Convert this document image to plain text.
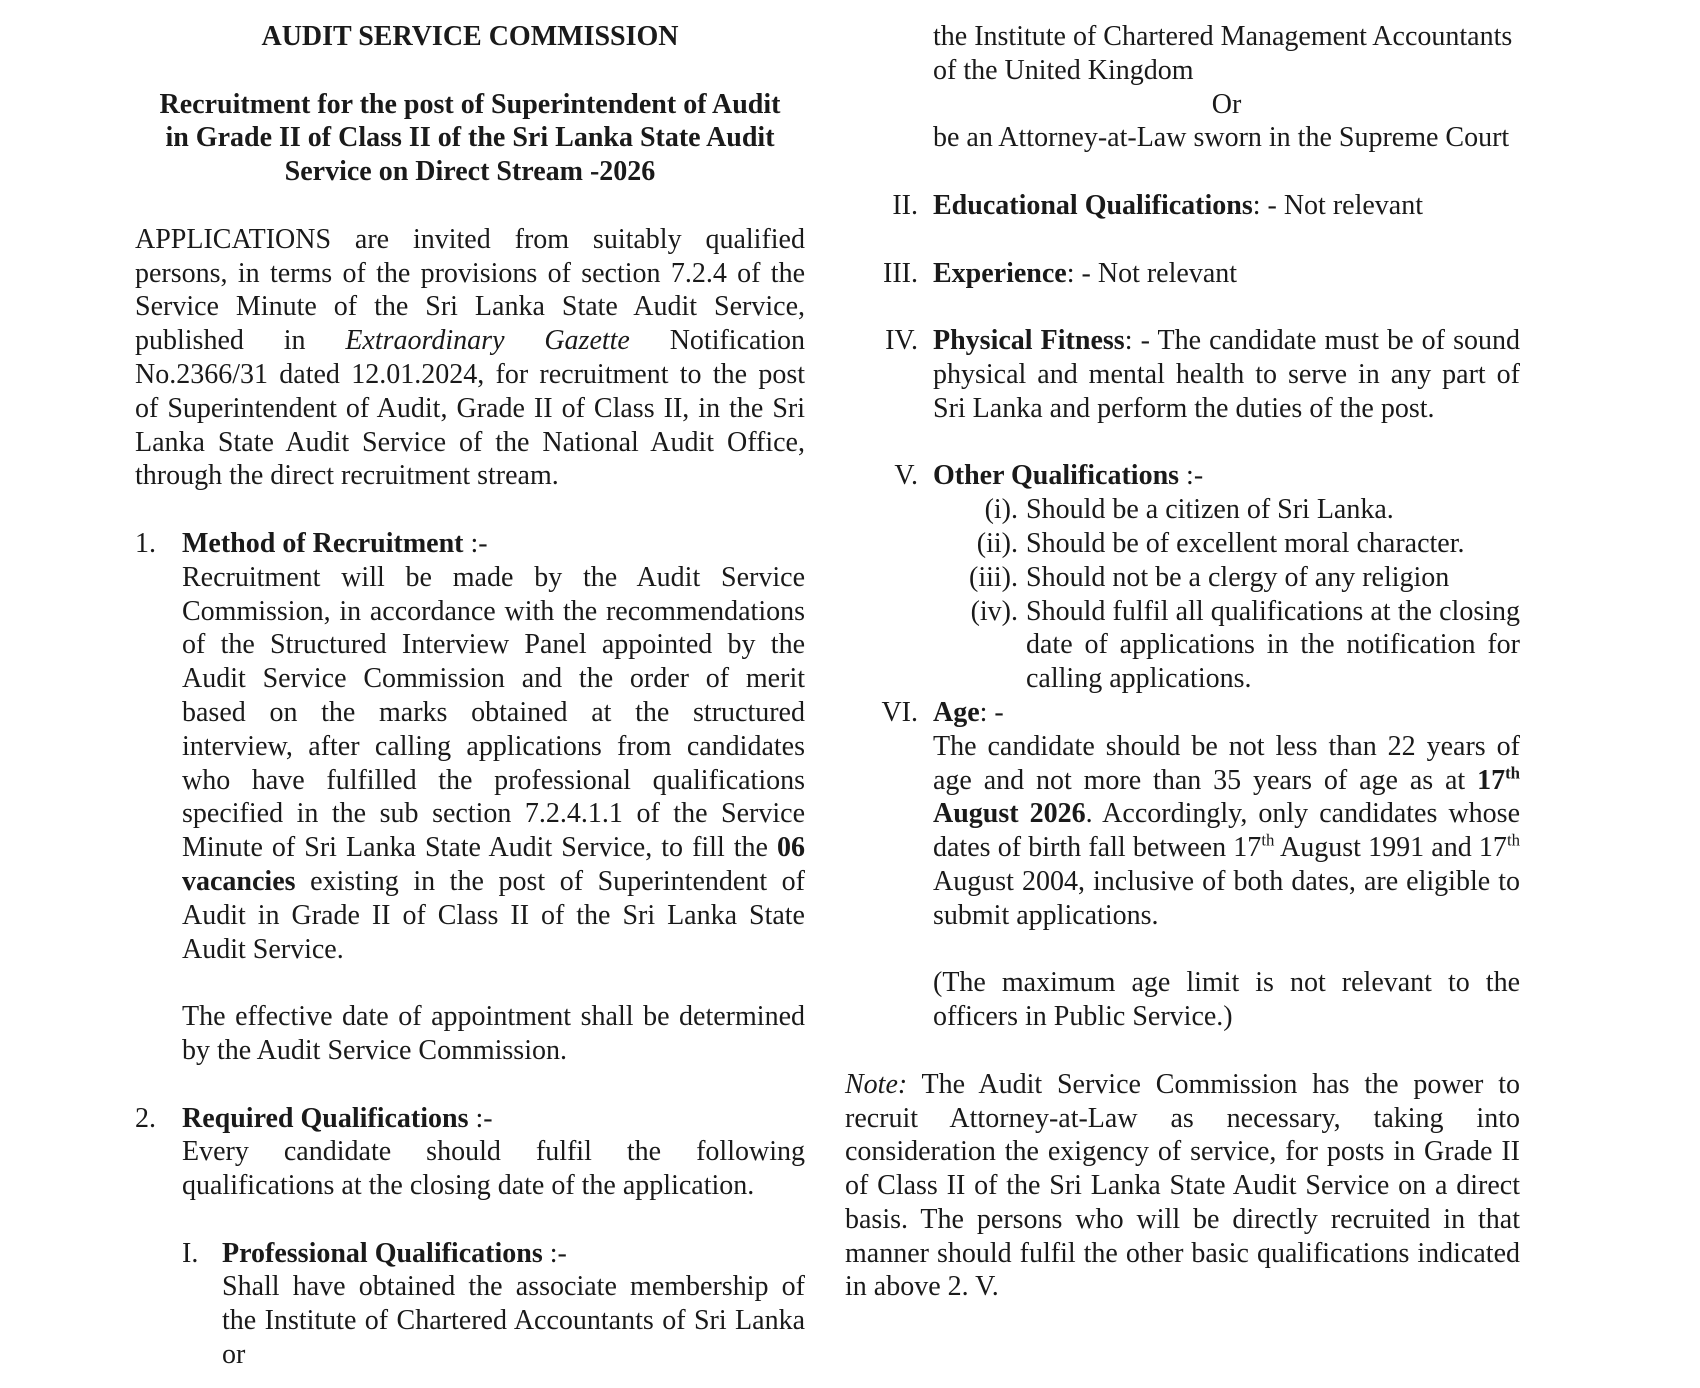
AUDIT SERVICE COMMISSION

Recruitment for the post of Superintendent of Audit
in Grade II of Class II of the Sri Lanka State Audit
Service on Direct Stream -2026

APPLICATIONS are invited from suitably qualified persons, in terms of the provisions of section 7.2.4 of the Service Minute of the Sri Lanka State Audit Service, published in Extraordinary Gazette Notification No.2366/31 dated 12.01.2024, for recruitment to the post of Superintendent of Audit, Grade II of Class II, in the Sri Lanka State Audit Service of the National Audit Office, through the direct recruitment stream.

1. Method of Recruitment :-

Recruitment will be made by the Audit Service Commission, in accordance with the recommendations of the Structured Interview Panel appointed by the Audit Service Commission and the order of merit based on the marks obtained at the structured interview, after calling applications from candidates who have fulfilled the professional qualifications specified in the sub section 7.2.4.1.1 of the Service Minute of Sri Lanka State Audit Service, to fill the 06 vacancies existing in the post of Superintendent of Audit in Grade II of Class II of the Sri Lanka State Audit Service.

The effective date of appointment shall be determined by the Audit Service Commission.

2. Required Qualifications :-

Every candidate should fulfil the following qualifications at the closing date of the application.

I. Professional Qualifications :-

Shall have obtained the associate membership of the Institute of Chartered Accountants of Sri Lanka or

the Institute of Chartered Management Accountants
of the United Kingdom
Or
be an Attorney-at-Law sworn in the Supreme Court
II. Educational Qualifications: - Not relevant

III. Experience: - Not relevant

IV. Physical Fitness: - The candidate must be of sound physical and mental health to serve in any part of Sri Lanka and perform the duties of the post.

V. Other Qualifications :-

(i). Should be a citizen of Sri Lanka.

(ii). Should be of excellent moral character.

(iii). Should not be a clergy of any religion

(iv). Should fulfil all qualifications at the closing date of applications in the notification for calling applications.

VI. Age: -

The candidate should be not less than 22 years of age and not more than 35 years of age as at 17th August 2026. Accordingly, only candidates whose dates of birth fall between 17th August 1991 and 17th August 2004, inclusive of both dates, are eligible to submit applications.

(The maximum age limit is not relevant to the officers in Public Service.)

Note: The Audit Service Commission has the power to recruit Attorney-at-Law as necessary, taking into consideration the exigency of service, for posts in Grade II of Class II of the Sri Lanka State Audit Service on a direct basis. The persons who will be directly recruited in that manner should fulfil the other basic qualifications indicated in above 2. V.
